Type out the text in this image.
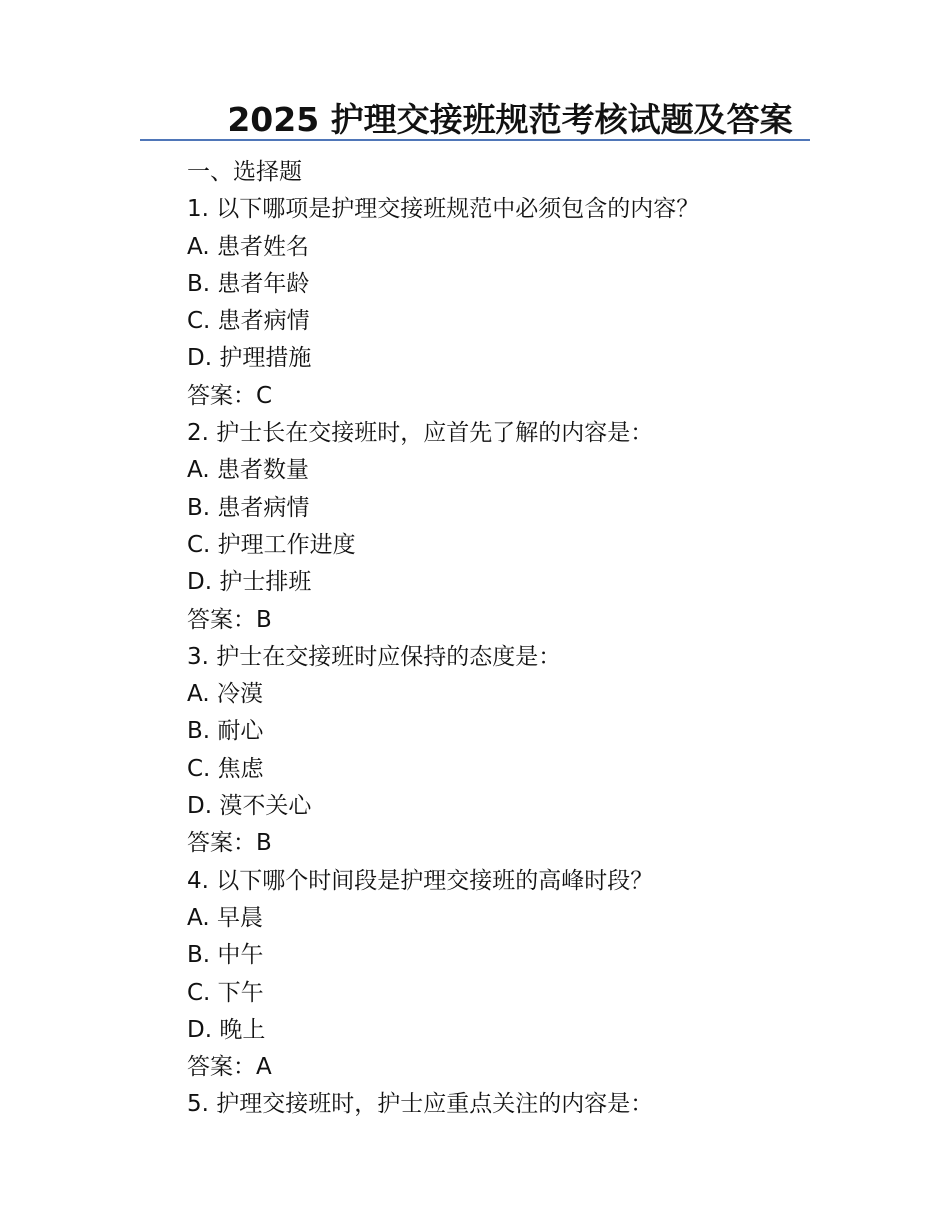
2025 护理交接班规范考核试题及答案
一、选择题
1. 以下哪项是护理交接班规范中必须包含的内容？
A. 患者姓名
B. 患者年龄
C. 患者病情
D. 护理措施
答案：C
2. 护士长在交接班时，应首先了解的内容是：
A. 患者数量
B. 患者病情
C. 护理工作进度
D. 护士排班
答案：B
3. 护士在交接班时应保持的态度是：
A. 冷漠
B. 耐心
C. 焦虑
D. 漠不关心
答案：B
4. 以下哪个时间段是护理交接班的高峰时段？
A. 早晨
B. 中午
C. 下午
D. 晚上
答案：A
5. 护理交接班时，护士应重点关注的内容是：
